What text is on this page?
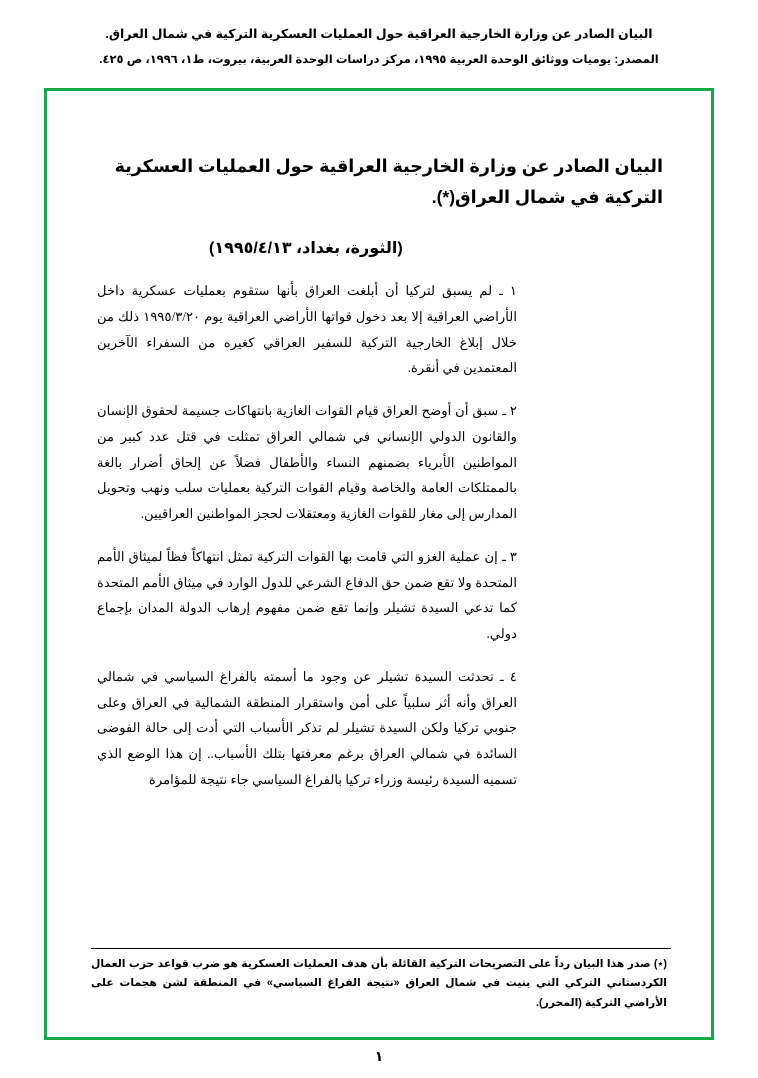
البيان الصادر عن وزارة الخارجية العراقية حول العمليات العسكرية التركية في شمال العراق.
المصدر: يوميات ووثائق الوحدة العربية ١٩٩٥، مركز دراسات الوحدة العربية، بيروت، ط١، ١٩٩٦، ص ٤٢٥.
البيان الصادر عن وزارة الخارجية العراقية حول العمليات العسكرية التركية في شمال العراق(*).
(الثورة، بغداد، ١٩٩٥/٤/١٣)

١ ـ لم يسبق لتركيا أن أبلغت العراق بأنها ستقوم بعمليات عسكرية داخل الأراضي العراقية إلا بعد دخول قواتها الأراضي العراقية يوم ١٩٩٥/٣/٢٠ ذلك من خلال إبلاغ الخارجية التركية للسفير العراقي كغيره من السفراء الآخرين المعتمدين في أنقرة.

٢ ـ سبق أن أوضح العراق قيام القوات الغازية بانتهاكات جسيمة لحقوق الإنسان والقانون الدولي الإنساني في شمالي العراق تمثلت في قتل عدد كبير من المواطنين الأبرياء بضمنهم النساء والأطفال فضلاً عن إلحاق أضرار بالغة بالممتلكات العامة والخاصة وقيام القوات التركية بعمليات سلب ونهب وتحويل المدارس إلى مغار للقوات الغازية ومعتقلات لحجز المواطنين العراقيين.

٣ ـ إن عملية الغزو التي قامت بها القوات التركية تمثل انتهاكاً فظاً لميثاق الأمم المتحدة ولا تقع ضمن حق الدفاع الشرعي للدول الوارد في ميثاق الأمم المتحدة كما تدعي السيدة تشيلر وإنما تقع ضمن مفهوم إرهاب الدولة المدان بإجماع دولي.

٤ ـ تحدثت السيدة تشيلر عن وجود ما أسمته بالفراغ السياسي في شمالي العراق وأنه أثر سلبياً على أمن واستقرار المنطقة الشمالية في العراق وعلى جنوبي تركيا ولكن السيدة تشيلر لم تذكر الأسباب التي أدت إلى حالة الفوضى السائدة في شمالي العراق برغم معرفتها بتلك الأسباب.. إن هذا الوضع الذي تسميه السيدة رئيسة وزراء تركيا بالفراغ السياسي جاء نتيجة للمؤامرة

(٭) صدر هذا البيان رداً على التصريحات التركية القائلة بأن هدف العمليات العسكرية هو ضرب قواعد حزب العمال الكردستاني التركي التي بنيت في شمال العراق «نتيجة الفراغ السياسي» في المنطقة لشن هجمات على الأراضي التركية (المحرر).
١
